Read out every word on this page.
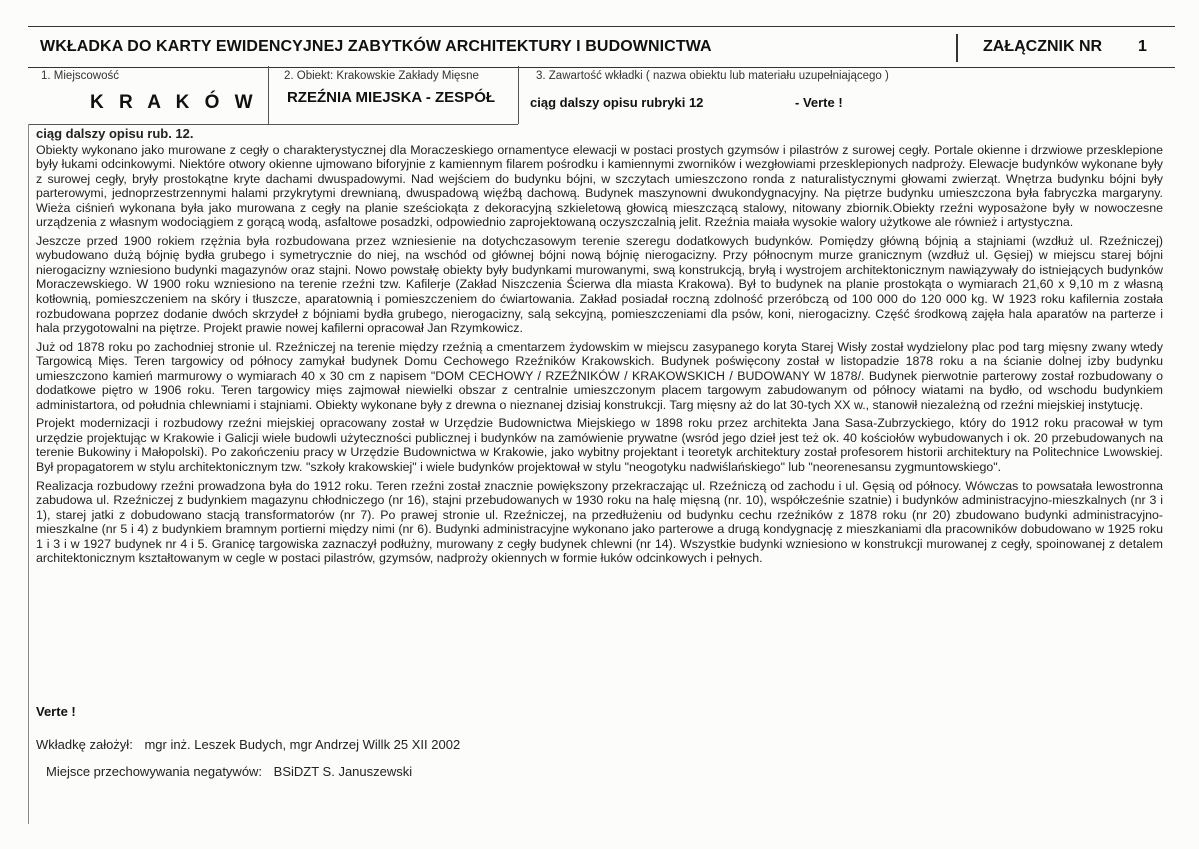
WKŁADKA DO KARTY EWIDENCYJNEJ ZABYTKÓW ARCHITEKTURY I BUDOWNICTWA	ZAŁĄCZNIK NR 1
1. Miejscowość
K R A K Ó W
2. Obiekt: Krakowskie Zakłady Mięsne
RZEŹNIA MIEJSKA - ZESPÓŁ
3. Zawartość wkładki ( nazwa obiektu lub materiału uzupełniającego )
ciąg dalszy opisu rubryki 12	- Verte !
ciąg dalszy opisu rub. 12.

Obiekty wykonano jako murowane z cegły o charakterystycznej dla Moraczeskiego ornamentyce elewacji w postaci prostych gzymsów i pilastrów z surowej cegły. Portale okienne i drzwiowe przesklepione były łukami odcinkowymi. Niektóre otwory okienne ujmowano biforyjnie z kamiennym filarem pośrodku i kamiennymi zworników i wezgłowiami przesklepionych nadproży. Elewacje budynków wykonane były z surowej cegły, bryły prostokątne kryte dachami dwuspadowymi. Nad wejściem do budynku bójni, w szczytach umieszczono ronda z naturalistycznymi głowami zwierząt. Wnętrza budynku bójni były parterowymi, jednoprzestrzennymi halami przykrytymi drewnianą, dwuspadową więźbą dachową. Budynek maszynowni dwukondygnacyjny. Na piętrze budynku umieszczona była fabryczka margaryny. Wieża ciśnień wykonana była jako murowana z cegły na planie sześciokąta z dekoracyjną szkieletową głowicą mieszczącą stalowy, nitowany zbiornik.Obiekty rzeźni wyposażone były w nowoczesne urządzenia z własnym wodociągiem z gorącą wodą, asfaltowe posadzki, odpowiednio zaprojektowaną oczyszczalnią jelit. Rzeźnia maiała wysokie walory użytkowe ale również i artystyczna.

Jeszcze przed 1900 rokiem rzężnia była rozbudowana przez wzniesienie na dotychczasowym terenie szeregu dodatkowych budynków. Pomiędzy główną bójnią a stajniami (wzdłuż ul. Rzeźniczej) wybudowano dużą bójnię bydła grubego i symetrycznie do niej, na wschód od głównej bójni nową bójnię nierogacizny. Przy północnym murze granicznym (wzdłuż ul. Gęsiej) w miejscu starej bójni nierogacizny wzniesiono budynki magazynów oraz stajni. Nowo powstałę obiekty były budynkami murowanymi, swą konstrukcją, bryłą i wystrojem architektonicznym nawiązywały do istniejących budynków Moraczewskiego. W 1900 roku wzniesiono na terenie rzeźni tzw. Kafilerje (Zakład Niszczenia Ścierwa dla miasta Krakowa). Był to budynek na planie prostokąta o wymiarach 21,60 x 9,10 m z własną kotłownią, pomieszczeniem na skóry i tłuszcze, aparatownią i pomieszczeniem do ćwiartowania. Zakład posiadał roczną zdolność przeróbczą od 100 000 do 120 000 kg. W 1923 roku kafilernia została rozbudowana poprzez dodanie dwóch skrzydeł z bójniami bydła grubego, nierogacizny, salą sekcyjną, pomieszczeniami dla psów, koni, nierogacizny. Część środkową zajęła hala aparatów na parterze i hala przygotowalni na piętrze. Projekt prawie nowej kafilerni opracował Jan Rzymkowicz.

Już od 1878 roku po zachodniej stronie ul. Rzeźniczej na terenie między rzeźnią a cmentarzem żydowskim w miejscu zasypanego koryta Starej Wisły został wydzielony plac pod targ mięsny zwany wtedy Targowicą Mięs. Teren targowicy od północy zamykał budynek Domu Cechowego Rzeźników Krakowskich. Budynek poświęcony został w listopadzie 1878 roku a na ścianie dolnej izby budynku umieszczono kamień marmurowy o wymiarach 40 x 30 cm z napisem "DOM CECHOWY / RZEŹNIKÓW / KRAKOWSKICH / BUDOWANY W 1878/. Budynek pierwotnie parterowy został rozbudowany o dodatkowe piętro w 1906 roku. Teren targowicy mięs zajmował niewielki obszar z centralnie umieszczonym placem targowym zabudowanym od północy wiatami na bydło, od wschodu budynkiem administartora, od południa chlewniami i stajniami. Obiekty wykonane były z drewna o nieznanej dzisiaj konstrukcji. Targ mięsny aż do lat 30-tych XX w., stanowił niezależną od rzeźni miejskiej instytucję.

Projekt modernizacji i rozbudowy rzeźni miejskiej opracowany został w Urzędzie Budownictwa Miejskiego w 1898 roku przez architekta Jana Sasa-Zubrzyckiego, który do 1912 roku pracował w tym urzędzie projektując w Krakowie i Galicji wiele budowli użyteczności publicznej i budynków na zamówienie prywatne (wsród jego dzieł jest też ok. 40 kościołów wybudowanych i ok. 20 przebudowanych na terenie Bukowiny i Małopolski). Po zakończeniu pracy w Urzędzie Budownictwa w Krakowie, jako wybitny projektant i teoretyk architektury został profesorem historii architektury na Politechnice Lwowskiej. Był propagatorem w stylu architektonicznym tzw. "szkoły krakowskiej" i wiele budynków projektował w stylu "neogotyku nadwiślańskiego" lub "neorenesansu zygmuntowskiego".

Realizacja rozbudowy rzeźni prowadzona była do 1912 roku. Teren rzeźni został znacznie powiększony przekraczając ul. Rzeźniczą od zachodu i ul. Gęsią od północy. Wówczas to powsatała lewostronna zabudowa ul. Rzeźniczej z budynkiem magazynu chłodniczego (nr 16), stajni przebudowanych w 1930 roku na halę mięsną (nr. 10), współcześnie szatnie) i budynków administracyjno-mieszkalnych (nr 3 i 1), starej jatki z dobudowano stacją transformatorów (nr 7). Po prawej stronie ul. Rzeźniczej, na przedłużeniu od budynku cechu rzeźników z 1878 roku (nr 20) zbudowano budynki administracyjno-mieszkalne (nr 5 i 4) z budynkiem bramnym portierni między nimi (nr 6). Budynki administracyjne wykonano jako parterowe a drugą kondygnację z mieszkaniami dla pracowników dobudowano w 1925 roku 1 i 3 i w 1927 budynek nr 4 i 5. Granicę targowiska zaznaczył podłużny, murowany z cegły budynek chlewni (nr 14). Wszystkie budynki wzniesiono w konstrukcji murowanej z cegły, spoinowanej z detalem architektonicznym kształtowanym w cegle w postaci pilastrów, gzymsów, nadproży okiennych w formie łuków odcinkowych i pełnych.

Verte !
Wkładkę założył: mgr inż. Leszek Budych, mgr Andrzej Willk 25 XII 2002
Miejsce przechowywania negatywów: BSiDZT S. Januszewski
